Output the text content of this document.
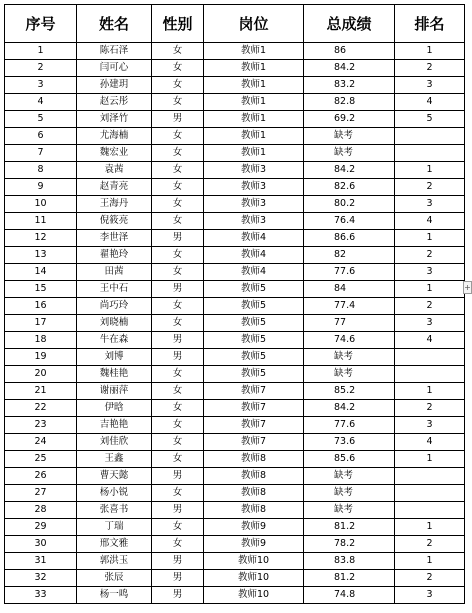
序号	姓名	性别	岗位	总成绩	排名
1	陈石泽	女	教师1	86	1
2	闫可心	女	教师1	84.2	2
3	孙建玥	女	教师1	83.2	3
4	赵云彤	女	教师1	82.8	4
5	刘泽竹	男	教师1	69.2	5
6	尤海楠	女	教师1	缺考	
7	魏宏业	女	教师1	缺考	
8	袁茜	女	教师3	84.2	1
9	赵青亮	女	教师3	82.6	2
10	王海丹	女	教师3	80.2	3
11	倪筱亮	女	教师3	76.4	4
12	李世泽	男	教师4	86.6	1
13	翟艳玲	女	教师4	82	2
14	田茜	女	教师4	77.6	3
15	王中石	男	教师5	84	1
16	尚巧玲	女	教师5	77.4	2
17	刘晓楠	女	教师5	77	3
18	牛在森	男	教师5	74.6	4
19	刘博	男	教师5	缺考	
20	魏桂艳	女	教师5	缺考	
21	谢丽萍	女	教师7	85.2	1
22	伊晗	女	教师7	84.2	2
23	吉艳艳	女	教师7	77.6	3
24	刘佳欣	女	教师7	73.6	4
25	王鑫	女	教师8	85.6	1
26	曹天懿	男	教师8	缺考	
27	杨小锐	女	教师8	缺考	
28	张喜书	男	教师8	缺考	
29	丁瑞	女	教师9	81.2	1
30	邢文雅	女	教师9	78.2	2
31	郭洪玉	男	教师10	83.8	1
32	张辰	男	教师10	81.2	2
33	杨一鸣	男	教师10	74.8	3
+
